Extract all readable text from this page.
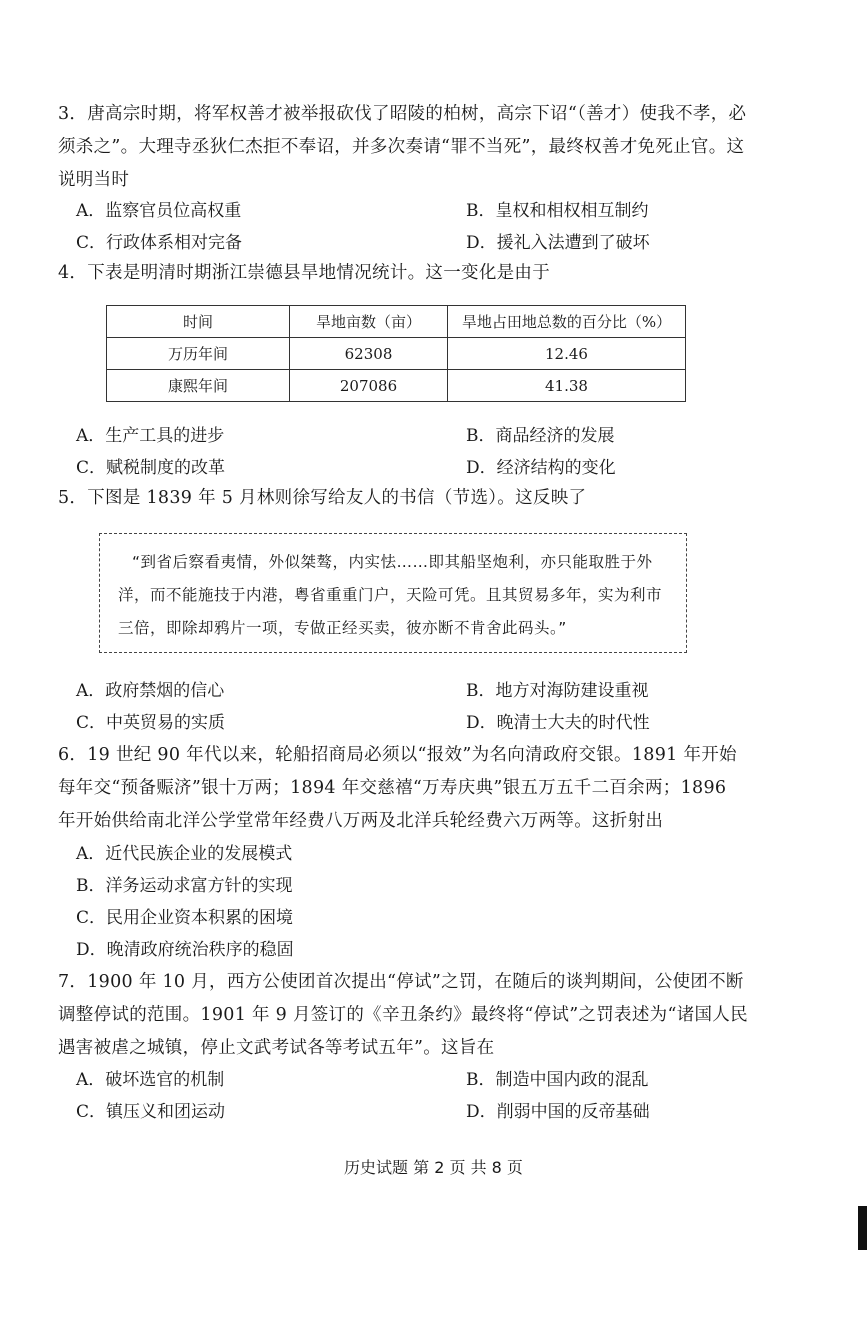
3．唐高宗时期，将军权善才被举报砍伐了昭陵的柏树，高宗下诏“（善才）使我不孝，必须杀之”。大理寺丞狄仁杰拒不奉诏，并多次奏请“罪不当死”，最终权善才免死止官。这说明当时
A．监察官员位高权重	B．皇权和相权相互制约
C．行政体系相对完备	D．援礼入法遭到了破坏
4．下表是明清时期浙江崇德县旱地情况统计。这一变化是由于
时间	旱地亩数（亩）	旱地占田地总数的百分比（%）
万历年间	62308	12.46
康熙年间	207086	41.38
A．生产工具的进步	B．商品经济的发展
C．赋税制度的改革	D．经济结构的变化
5．下图是 1839 年 5 月林则徐写给友人的书信（节选）。这反映了
“到省后察看夷情，外似桀骜，内实怯……即其船坚炮利，亦只能取胜于外洋，而不能施技于内港，粤省重重门户，天险可凭。且其贸易多年，实为利市三倍，即除却鸦片一项，专做正经买卖，彼亦断不肯舍此码头。”
A．政府禁烟的信心	B．地方对海防建设重视
C．中英贸易的实质	D．晚清士大夫的时代性
6．19 世纪 90 年代以来，轮船招商局必须以“报效”为名向清政府交银。1891 年开始每年交“预备赈济”银十万两；1894 年交慈禧“万寿庆典”银五万五千二百余两；1896 年开始供给南北洋公学堂常年经费八万两及北洋兵轮经费六万两等。这折射出
A．近代民族企业的发展模式
B．洋务运动求富方针的实现
C．民用企业资本积累的困境
D．晚清政府统治秩序的稳固
7．1900 年 10 月，西方公使团首次提出“停试”之罚，在随后的谈判期间，公使团不断调整停试的范围。1901 年 9 月签订的《辛丑条约》最终将“停试”之罚表述为“诸国人民遇害被虐之城镇，停止文武考试各等考试五年”。这旨在
A．破坏选官的机制	B．制造中国内政的混乱
C．镇压义和团运动	D．削弱中国的反帝基础
历史试题 第 2 页 共 8 页
